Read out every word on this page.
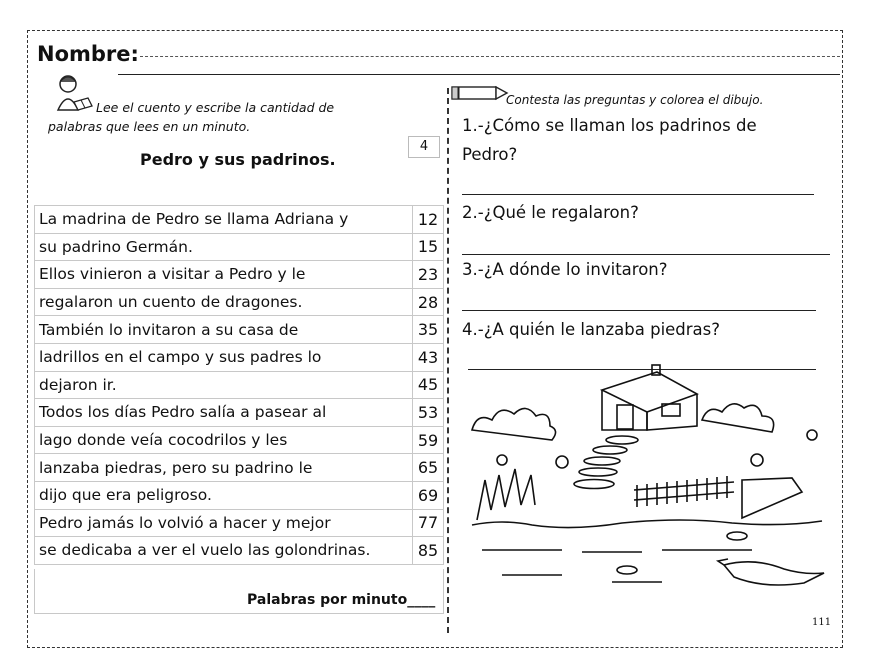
Nombre:
Lee el cuento y escribe la cantidad de
palabras que lees en un minuto.
Pedro y sus padrinos.
4
La madrina de Pedro se llama Adriana y	12
su padrino Germán.	15
Ellos vinieron a visitar a Pedro y le	23
regalaron un cuento de dragones.	28
También lo invitaron a su casa de	35
ladrillos en el campo y sus padres lo	43
dejaron ir.	45
Todos los días Pedro salía a pasear al	53
lago donde veía cocodrilos y les	59
lanzaba piedras, pero su padrino le	65
dijo que era peligroso.	69
Pedro jamás lo volvió a hacer y mejor	77
se dedicaba a ver el vuelo las golondrinas.	85
Palabras por minuto____
Contesta las preguntas y colorea el dibujo.
1.-¿Cómo se llaman los padrinos de
Pedro?
2.-¿Qué le regalaron?
3.-¿A dónde lo invitaron?
4.-¿A quién le lanzaba piedras?
111
